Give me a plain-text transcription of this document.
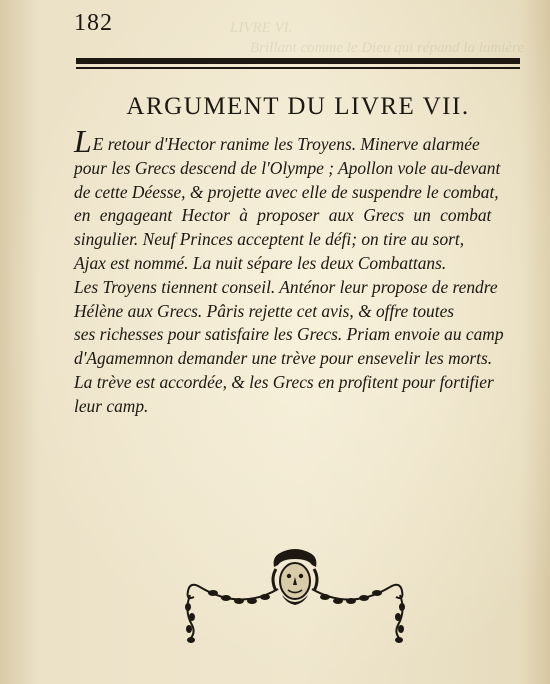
LIVRE VI.
Brillant comme le Dieu qui répand la lumière
182
ARGUMENT DU LIVRE VII.
LE retour d'Hector ranime les Troyens. Minerve alarmée
pour les Grecs descend de l'Olympe ; Apollon vole au-devant
de cette Déesse, & projette avec elle de suspendre le combat,
en engageant Hector à proposer aux Grecs un combat
singulier. Neuf Princes acceptent le défi; on tire au sort,
Ajax est nommé. La nuit sépare les deux Combattans.
Les Troyens tiennent conseil. Anténor leur propose de rendre
Hélène aux Grecs. Pâris rejette cet avis, & offre toutes
ses richesses pour satisfaire les Grecs. Priam envoie au camp
d'Agamemnon demander une trève pour ensevelir les morts.
La trève est accordée, & les Grecs en profitent pour fortifier
leur camp.
